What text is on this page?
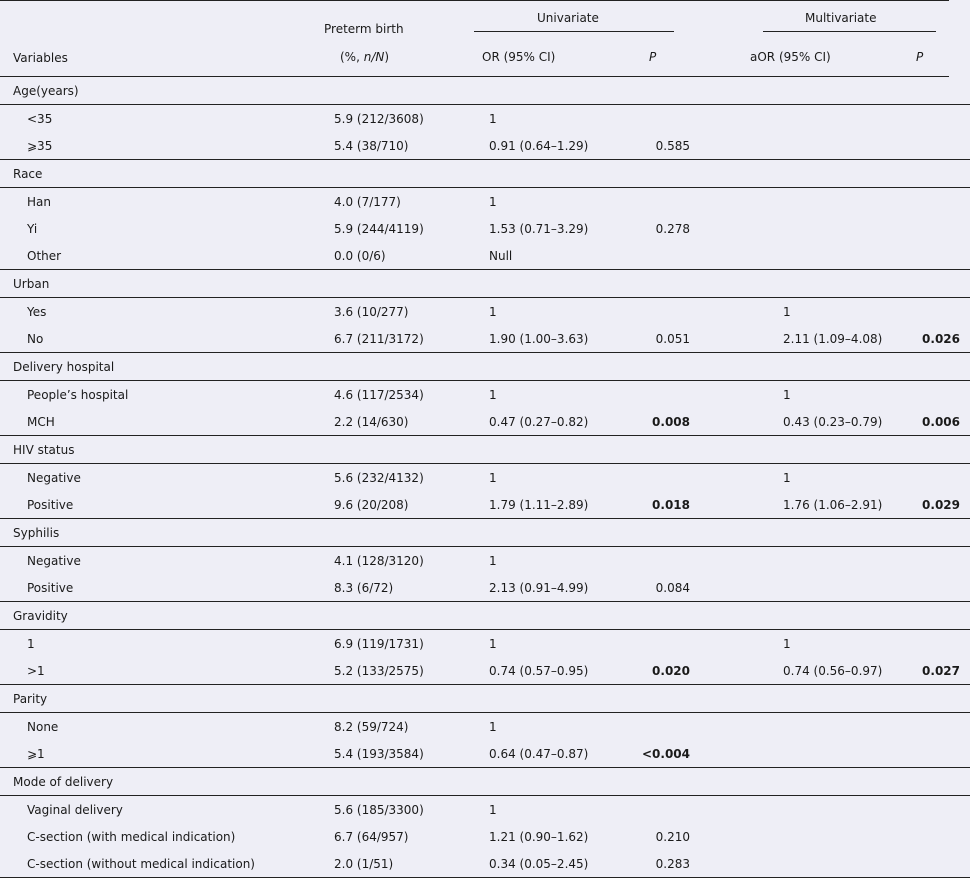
Variables
Preterm birth
(%, n/N)
Univariate	Multivariate
OR (95% CI)	P	aOR (95% CI)	P
Age(years)					
<35	5.9 (212/3608)	1			
⩾35	5.4 (38/710)	0.91 (0.64–1.29)	0.585		
Race					
Han	4.0 (7/177)	1			
Yi	5.9 (244/4119)	1.53 (0.71–3.29)	0.278		
Other	0.0 (0/6)	Null			
Urban					
Yes	3.6 (10/277)	1		1	
No	6.7 (211/3172)	1.90 (1.00–3.63)	0.051	2.11 (1.09–4.08)	0.026
Delivery hospital					
People’s hospital	4.6 (117/2534)	1		1	
MCH	2.2 (14/630)	0.47 (0.27–0.82)	0.008	0.43 (0.23–0.79)	0.006
HIV status					
Negative	5.6 (232/4132)	1		1	
Positive	9.6 (20/208)	1.79 (1.11–2.89)	0.018	1.76 (1.06–2.91)	0.029
Syphilis					
Negative	4.1 (128/3120)	1			
Positive	8.3 (6/72)	2.13 (0.91–4.99)	0.084		
Gravidity					
1	6.9 (119/1731)	1		1	
>1	5.2 (133/2575)	0.74 (0.57–0.95)	0.020	0.74 (0.56–0.97)	0.027
Parity					
None	8.2 (59/724)	1			
⩾1	5.4 (193/3584)	0.64 (0.47–0.87)	<0.004		
Mode of delivery					
Vaginal delivery	5.6 (185/3300)	1			
C-section (with medical indication)	6.7 (64/957)	1.21 (0.90–1.62)	0.210		
C-section (without medical indication)	2.0 (1/51)	0.34 (0.05–2.45)	0.283		
